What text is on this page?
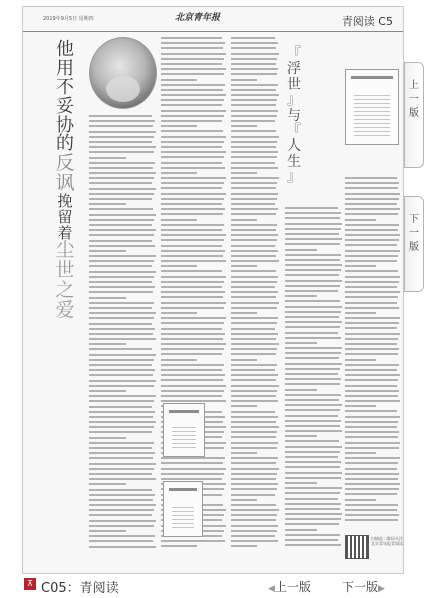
2019年9月5日 星期四	北京青年报	青阅读 C5
他
用
不
妥
协
的
反
讽
挽
留
着
尘
世
之
爱
『
浮
世
』
与
『
人
生
』
扫描此二维码关注北京青年报青阅读
上
一
版
下
一
版
⊼ C05：青阅读	◀上一版	下一版▶
